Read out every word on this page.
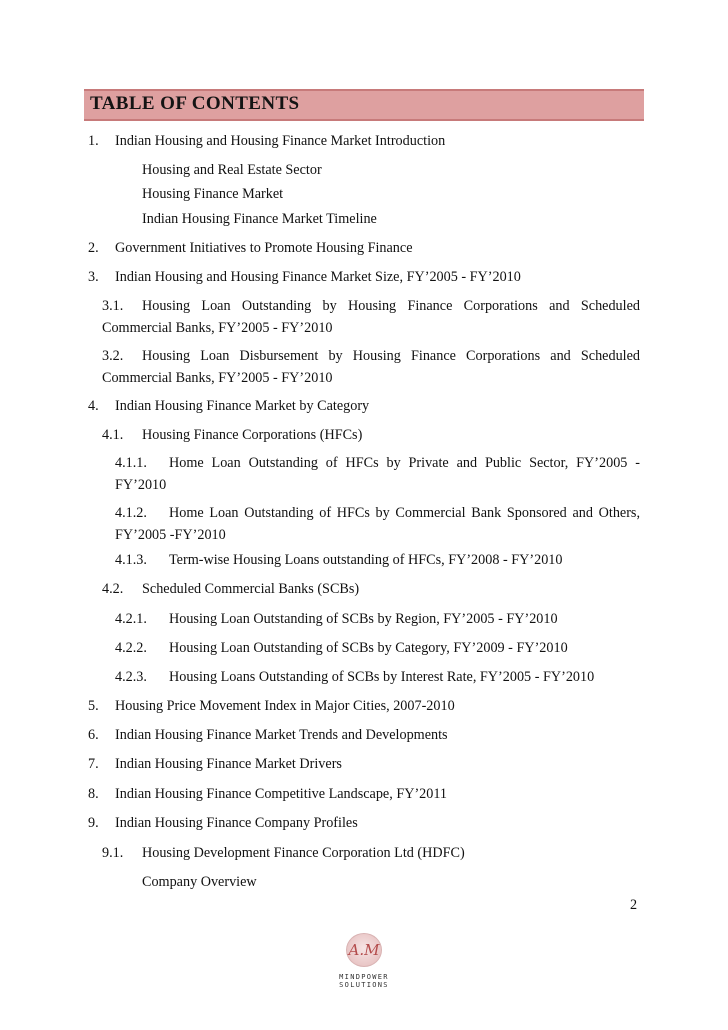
TABLE OF CONTENTS
1. Indian Housing and Housing Finance Market Introduction
Housing and Real Estate Sector
Housing Finance Market
Indian Housing Finance Market Timeline
2. Government Initiatives to Promote Housing Finance
3. Indian Housing and Housing Finance Market Size, FY’2005 - FY’2010
3.1. Housing Loan Outstanding by Housing Finance Corporations and Scheduled Commercial Banks, FY’2005 - FY’2010
3.2. Housing Loan Disbursement by Housing Finance Corporations and Scheduled Commercial Banks, FY’2005 - FY’2010
4. Indian Housing Finance Market by Category
4.1. Housing Finance Corporations (HFCs)
4.1.1. Home Loan Outstanding of HFCs by Private and Public Sector, FY’2005 - FY’2010
4.1.2. Home Loan Outstanding of HFCs by Commercial Bank Sponsored and Others, FY’2005 -FY’2010
4.1.3. Term-wise Housing Loans outstanding of HFCs, FY’2008 - FY’2010
4.2. Scheduled Commercial Banks (SCBs)
4.2.1. Housing Loan Outstanding of SCBs by Region, FY’2005 - FY’2010
4.2.2. Housing Loan Outstanding of SCBs by Category, FY’2009 - FY’2010
4.2.3. Housing Loans Outstanding of SCBs by Interest Rate, FY’2005 - FY’2010
5. Housing Price Movement Index in Major Cities, 2007-2010
6. Indian Housing Finance Market Trends and Developments
7. Indian Housing Finance Market Drivers
8. Indian Housing Finance Competitive Landscape, FY’2011
9. Indian Housing Finance Company Profiles
9.1. Housing Development Finance Corporation Ltd (HDFC)
Company Overview
2
A.M
MINDPOWER SOLUTIONS
